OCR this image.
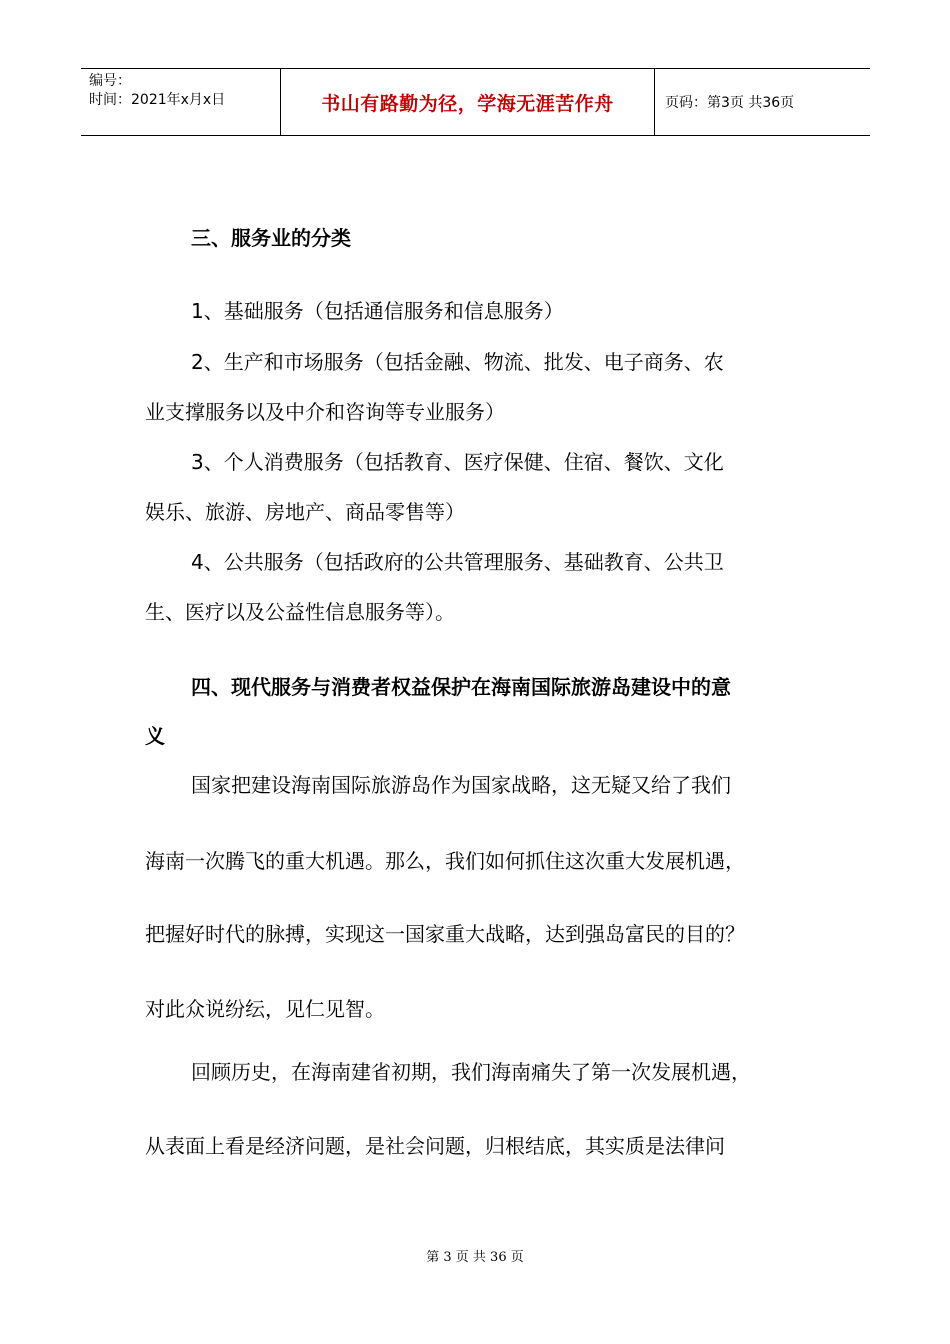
编号：
时间：2021年x月x日	书山有路勤为径，学海无涯苦作舟	页码：第3页 共36页
三、服务业的分类
1、基础服务（包括通信服务和信息服务）
2、生产和市场服务（包括金融、物流、批发、电子商务、农
业支撑服务以及中介和咨询等专业服务）
3、个人消费服务（包括教育、医疗保健、住宿、餐饮、文化
娱乐、旅游、房地产、商品零售等）
4、公共服务（包括政府的公共管理服务、基础教育、公共卫
生、医疗以及公益性信息服务等）。
四、现代服务与消费者权益保护在海南国际旅游岛建设中的意
义
国家把建设海南国际旅游岛作为国家战略，这无疑又给了我们
海南一次腾飞的重大机遇。那么，我们如何抓住这次重大发展机遇，
把握好时代的脉搏，实现这一国家重大战略，达到强岛富民的目的？
对此众说纷纭，见仁见智。
回顾历史，在海南建省初期，我们海南痛失了第一次发展机遇，
从表面上看是经济问题，是社会问题，归根结底，其实质是法律问
第 3 页 共 36 页
